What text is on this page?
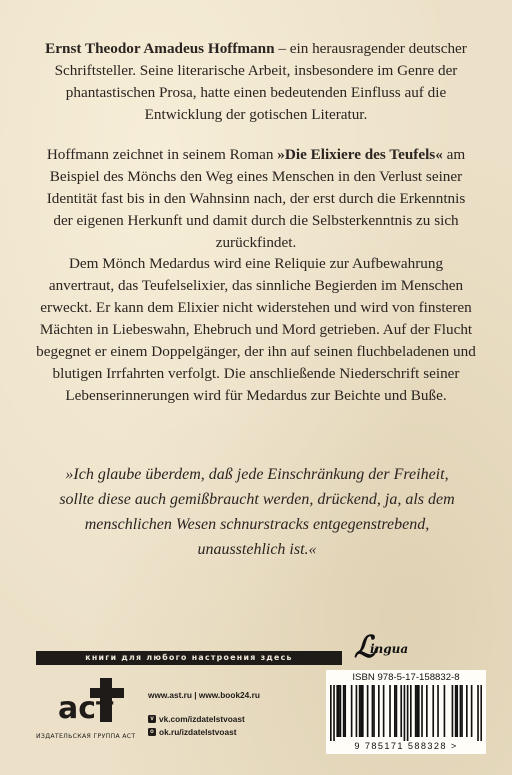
Ernst Theodor Amadeus Hoffmann – ein herausragender deutscher Schriftsteller. Seine literarische Arbeit, insbesondere im Genre der phantastischen Prosa, hatte einen bedeutenden Einfluss auf die Entwicklung der gotischen Literatur.

Hoffmann zeichnet in seinem Roman »Die Elixiere des Teufels« am Beispiel des Mönchs den Weg eines Menschen in den Verlust seiner Identität fast bis in den Wahnsinn nach, der erst durch die Erkenntnis der eigenen Herkunft und damit durch die Selbsterkenntnis zu sich zurückfindet.

Dem Mönch Medardus wird eine Reliquie zur Aufbewahrung anvertraut, das Teufelselixier, das sinnliche Begierden im Menschen erweckt. Er kann dem Elixier nicht widerstehen und wird von finsteren Mächten in Liebeswahn, Ehebruch und Mord getrieben. Auf der Flucht begegnet er einem Doppelgänger, der ihn auf seinen fluchbeladenen und blutigen Irrfahrten verfolgt. Die anschließende Niederschrift seiner Lebenserinnerungen wird für Medardus zur Beichte und Buße.

»Ich glaube überdem, daß jede Einschränkung der Freiheit, sollte diese auch gemißbraucht werden, drückend, ja, als dem menschlichen Wesen schnurstracks entgegenstrebend, unausstehlich ist.«

книги для любого настроения здесь	ℒ
ingua
aст
ИЗДАТЕЛЬСКАЯ ГРУППА АСТ
www.ast.ru | www.book24.ru
v vk.com/izdatelstvoast
o ok.ru/izdatelstvoast
ISBN 978-5-17-158832-8
9 785171 588328 >
